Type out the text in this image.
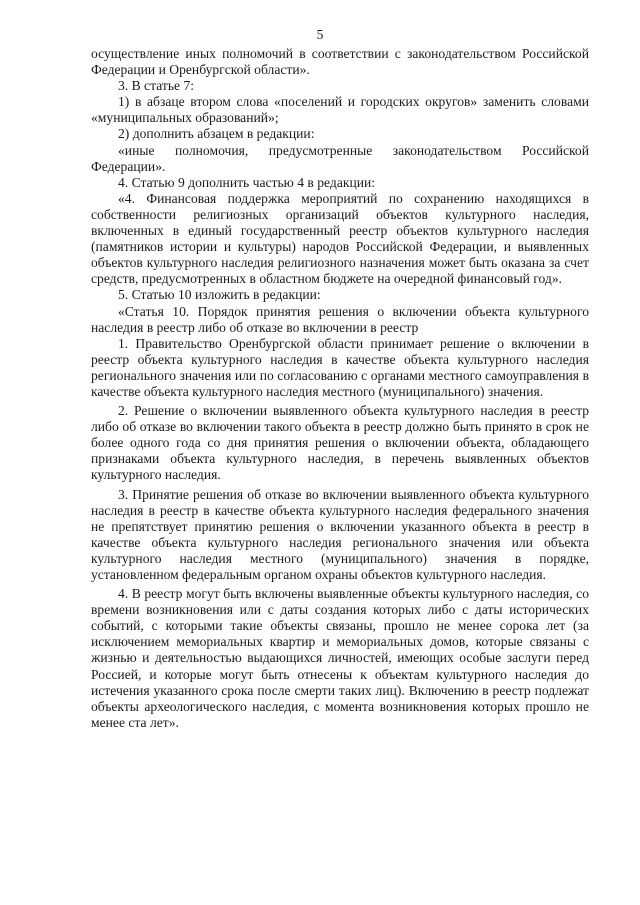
5

осуществление иных полномочий в соответствии с законодательством Российской Федерации и Оренбургской области».

3. В статье 7:

1) в абзаце втором слова «поселений и городских округов» заменить словами «муниципальных образований»;

2) дополнить абзацем в редакции:

«иные полномочия, предусмотренные законодательством Российской Федерации».

4. Статью 9 дополнить частью 4 в редакции:

«4. Финансовая поддержка мероприятий по сохранению находящихся в собственности религиозных организаций объектов культурного наследия, включенных в единый государственный реестр объектов культурного наследия (памятников истории и культуры) народов Российской Федерации, и выявленных объектов культурного наследия религиозного назначения может быть оказана за счет средств, предусмотренных в областном бюджете на очередной финансовый год».

5. Статью 10 изложить в редакции:

«Статья 10. Порядок принятия решения о включении объекта культурного наследия в реестр либо об отказе во включении в реестр

1. Правительство Оренбургской области принимает решение о включении в реестр объекта культурного наследия в качестве объекта культурного наследия регионального значения или по согласованию с органами местного самоуправления в качестве объекта культурного наследия местного (муниципального) значения.

2. Решение о включении выявленного объекта культурного наследия в реестр либо об отказе во включении такого объекта в реестр должно быть принято в срок не более одного года со дня принятия решения о включении объекта, обладающего признаками объекта культурного наследия, в перечень выявленных объектов культурного наследия.

3. Принятие решения об отказе во включении выявленного объекта культурного наследия в реестр в качестве объекта культурного наследия федерального значения не препятствует принятию решения о включении указанного объекта в реестр в качестве объекта культурного наследия регионального значения или объекта культурного наследия местного (муниципального) значения в порядке, установленном федеральным органом охраны объектов культурного наследия.

4. В реестр могут быть включены выявленные объекты культурного наследия, со времени возникновения или с даты создания которых либо с даты исторических событий, с которыми такие объекты связаны, прошло не менее сорока лет (за исключением мемориальных квартир и мемориальных домов, которые связаны с жизнью и деятельностью выдающихся личностей, имеющих особые заслуги перед Россией, и которые могут быть отнесены к объектам культурного наследия до истечения указанного срока после смерти таких лиц). Включению в реестр подлежат объекты археологического наследия, с момента возникновения которых прошло не менее ста лет».
